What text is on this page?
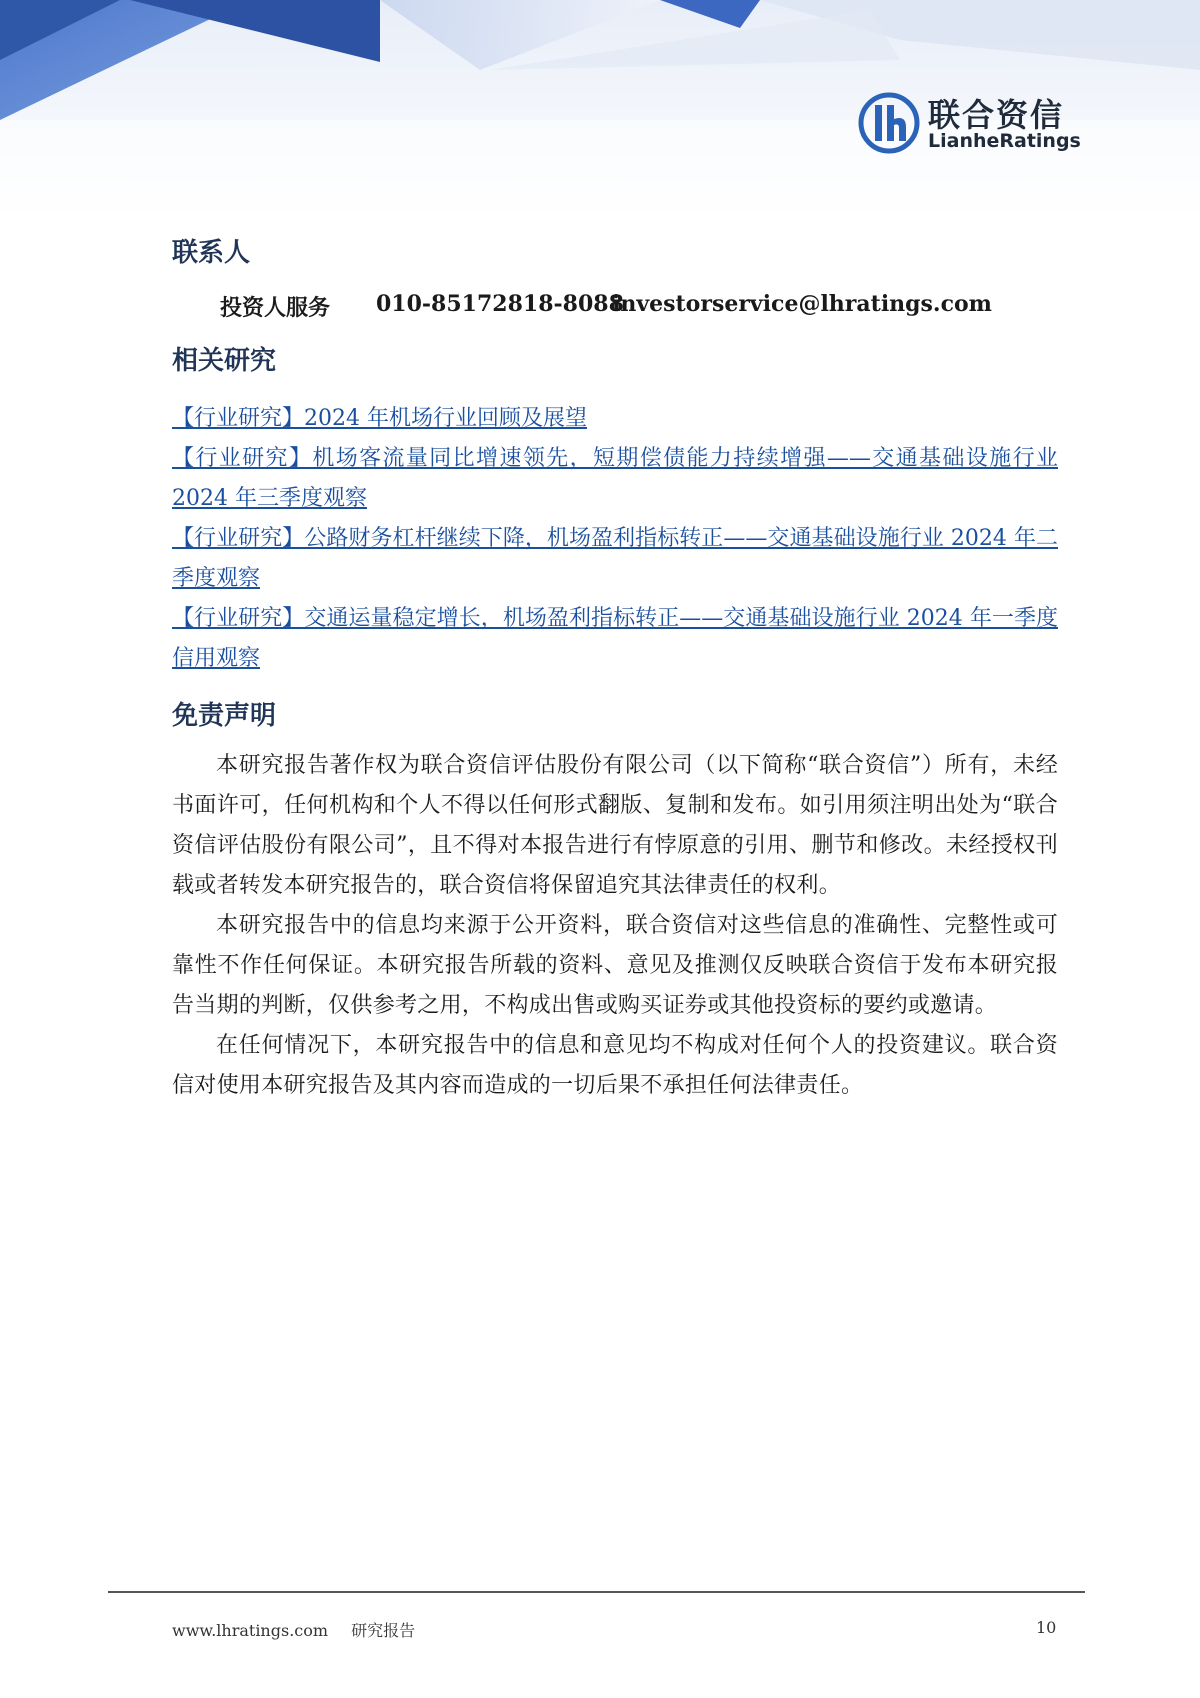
联合资信
LianheRatings
联系人
投资人服务	010-85172818-8088
investorservice@lhratings.com
相关研究
【行业研究】2024 年机场行业回顾及展望
【行业研究】机场客流量同比增速领先，短期偿债能力持续增强——交通基础设施行业 2024 年三季度观察
【行业研究】公路财务杠杆继续下降，机场盈利指标转正——交通基础设施行业 2024 年二季度观察
【行业研究】交通运量稳定增长，机场盈利指标转正——交通基础设施行业 2024 年一季度信用观察
免责声明

本研究报告著作权为联合资信评估股份有限公司（以下简称“联合资信”）所有，未经书面许可，任何机构和个人不得以任何形式翻版、复制和发布。如引用须注明出处为“联合资信评估股份有限公司”，且不得对本报告进行有悖原意的引用、删节和修改。未经授权刊载或者转发本研究报告的，联合资信将保留追究其法律责任的权利。

本研究报告中的信息均来源于公开资料，联合资信对这些信息的准确性、完整性或可靠性不作任何保证。本研究报告所载的资料、意见及推测仅反映联合资信于发布本研究报告当期的判断，仅供参考之用，不构成出售或购买证券或其他投资标的要约或邀请。

在任何情况下，本研究报告中的信息和意见均不构成对任何个人的投资建议。联合资信对使用本研究报告及其内容而造成的一切后果不承担任何法律责任。

www.lhratings.com 研究报告	10
